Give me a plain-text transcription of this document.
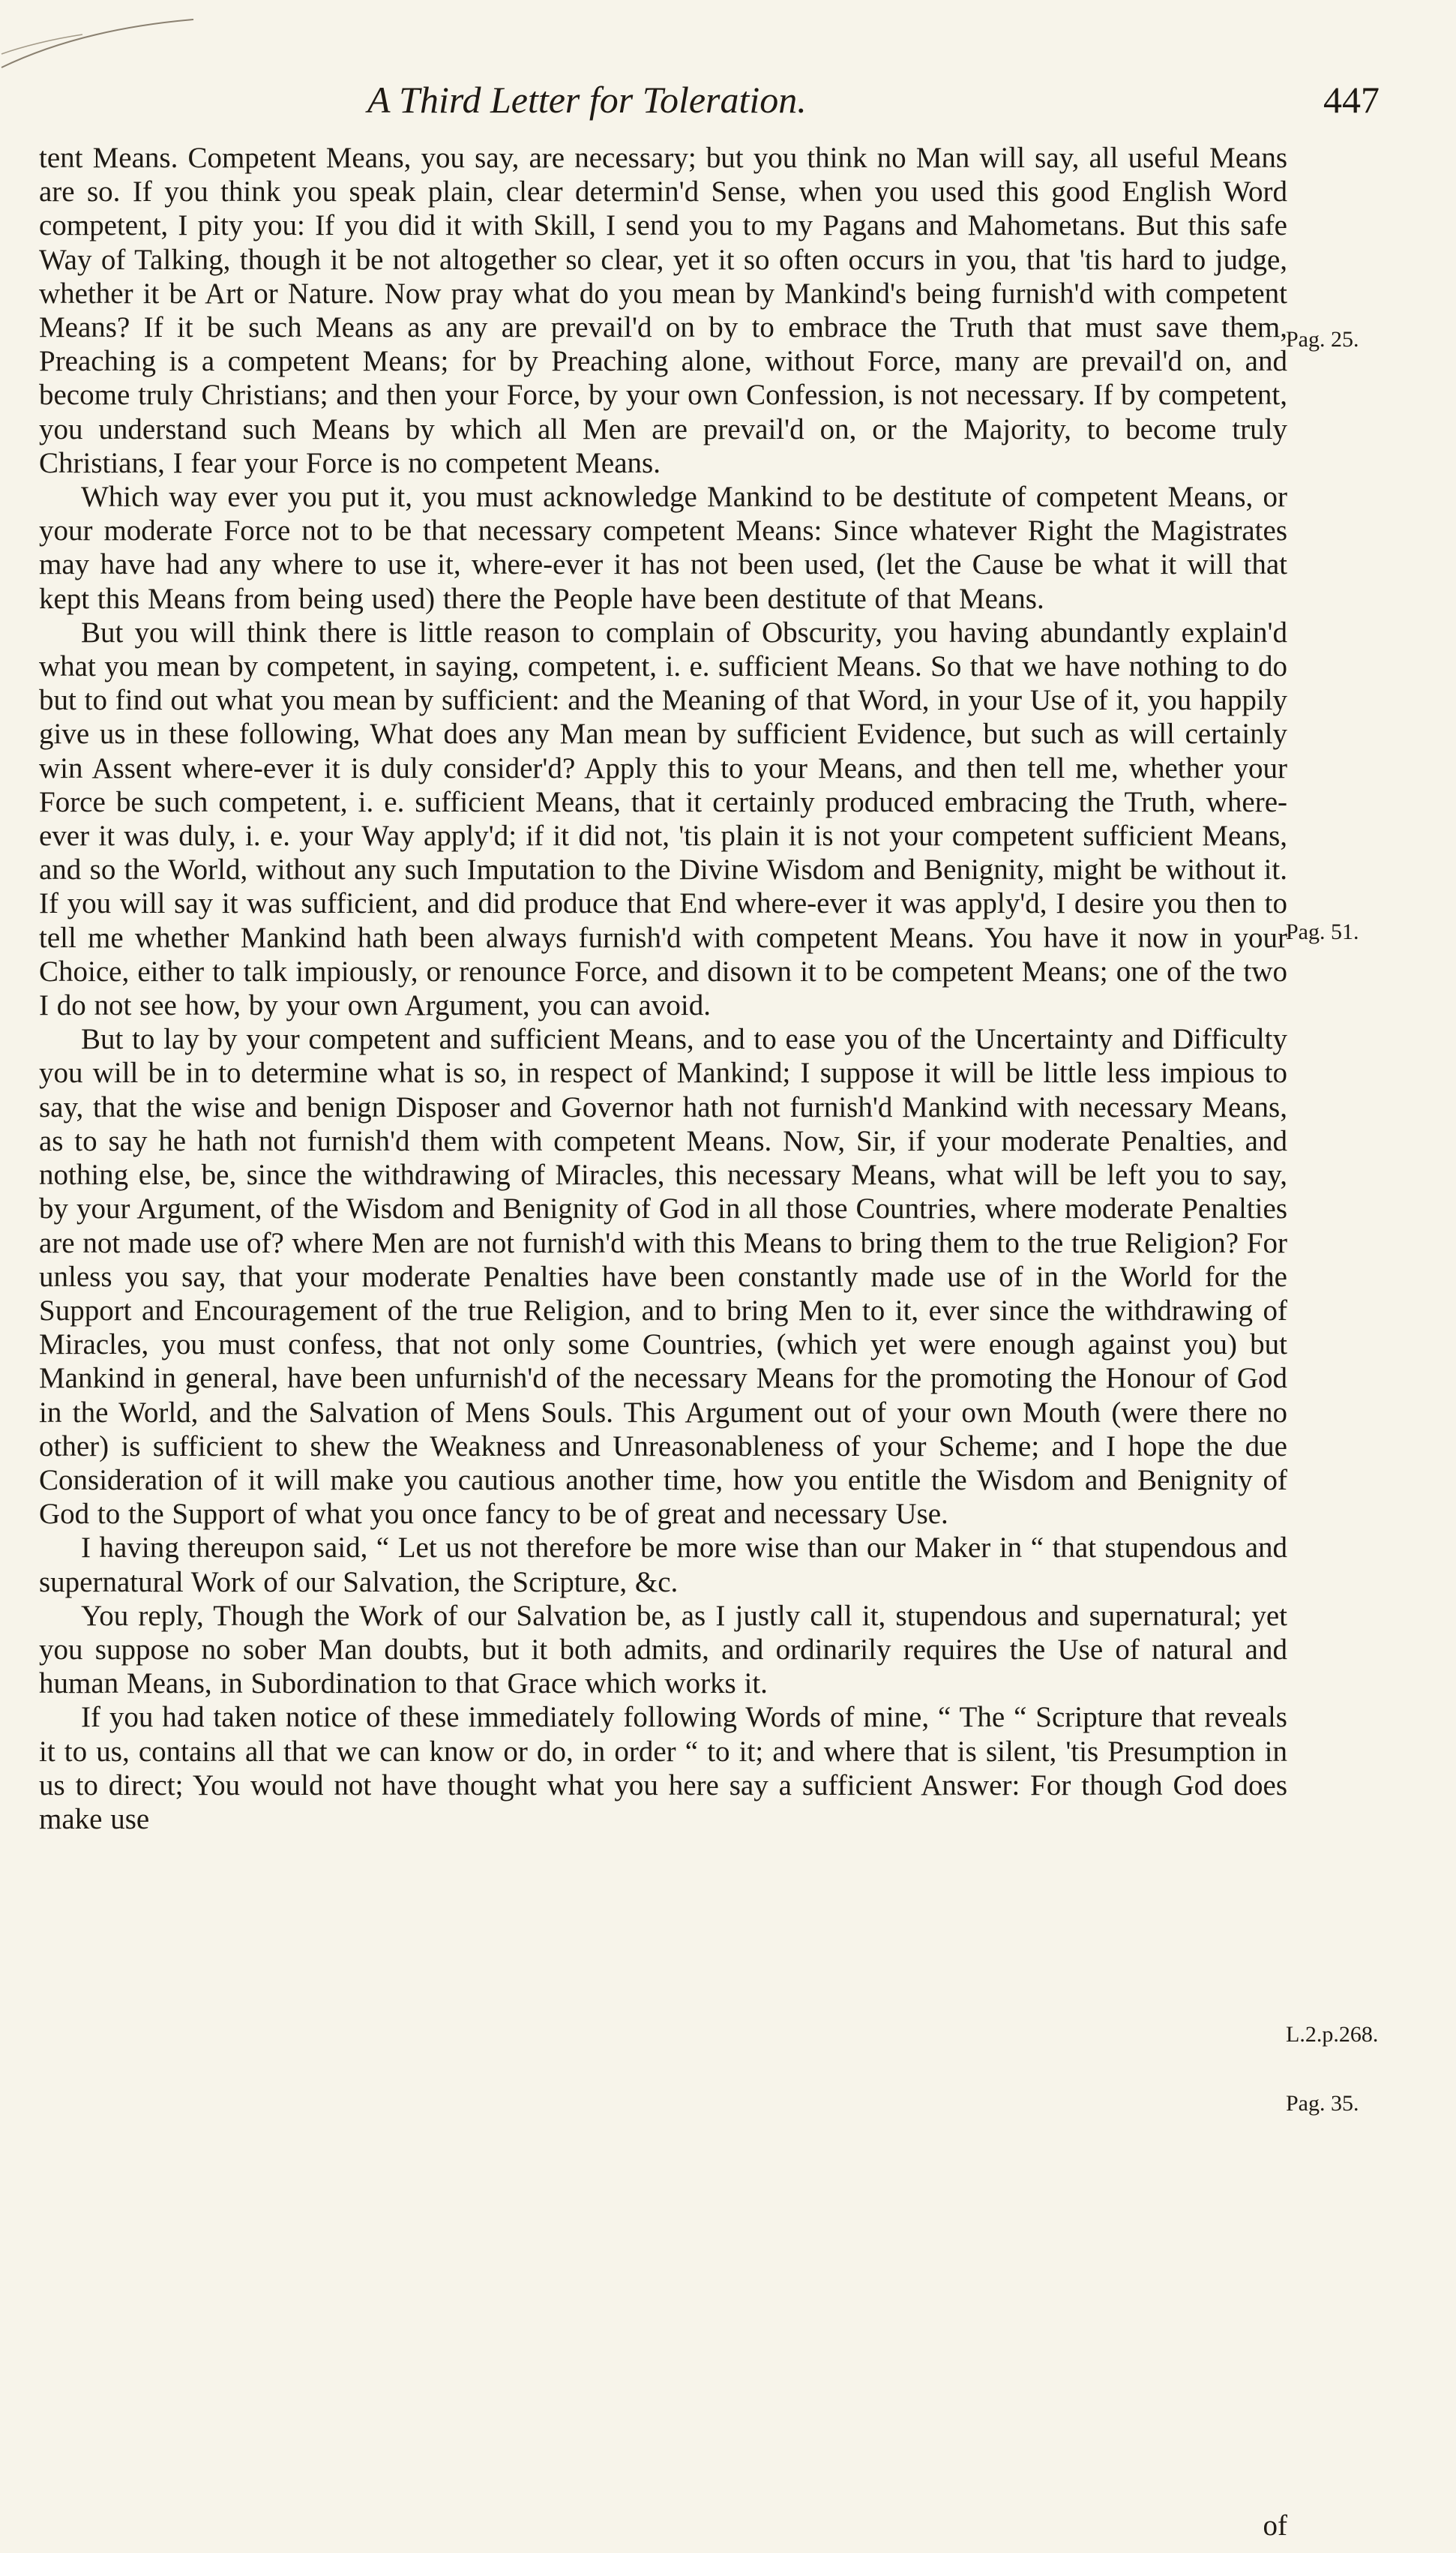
A Third Letter for Toleration.	447

tent Means. Competent Means, you say, are necessary; but you think no Man will say, all useful Means are so. If you think you speak plain, clear determin'd Sense, when you used this good English Word competent, I pity you: If you did it with Skill, I send you to my Pagans and Mahometans. But this safe Way of Talking, though it be not altogether so clear, yet it so often occurs in you, that 'tis hard to judge, whether it be Art or Nature. Now pray what do you mean by Mankind's being furnish'd with competent Means? If it be such Means as any are prevail'd on by to embrace the Truth that must save them, Preaching is a competent Means; for by Preaching alone, without Force, many are prevail'd on, and become truly Christians; and then your Force, by your own Confession, is not necessary. If by competent, you understand such Means by which all Men are prevail'd on, or the Majority, to become truly Christians, I fear your Force is no competent Means.

Which way ever you put it, you must acknowledge Mankind to be destitute of competent Means, or your moderate Force not to be that necessary competent Means: Since whatever Right the Magistrates may have had any where to use it, where-ever it has not been used, (let the Cause be what it will that kept this Means from being used) there the People have been destitute of that Means.

But you will think there is little reason to complain of Obscurity, you having abundantly explain'd what you mean by competent, in saying, competent, i. e. sufficient Means. So that we have nothing to do but to find out what you mean by sufficient: and the Meaning of that Word, in your Use of it, you happily give us in these following, What does any Man mean by sufficient Evidence, but such as will certainly win Assent where-ever it is duly consider'd? Apply this to your Means, and then tell me, whether your Force be such competent, i. e. sufficient Means, that it certainly produced embracing the Truth, where-ever it was duly, i. e. your Way apply'd; if it did not, 'tis plain it is not your competent sufficient Means, and so the World, without any such Imputation to the Divine Wisdom and Benignity, might be without it. If you will say it was sufficient, and did produce that End where-ever it was apply'd, I desire you then to tell me whether Mankind hath been always furnish'd with competent Means. You have it now in your Choice, either to talk impiously, or renounce Force, and disown it to be competent Means; one of the two I do not see how, by your own Argument, you can avoid.

But to lay by your competent and sufficient Means, and to ease you of the Uncertainty and Difficulty you will be in to determine what is so, in respect of Mankind; I suppose it will be little less impious to say, that the wise and benign Disposer and Governor hath not furnish'd Mankind with necessary Means, as to say he hath not furnish'd them with competent Means. Now, Sir, if your moderate Penalties, and nothing else, be, since the withdrawing of Miracles, this necessary Means, what will be left you to say, by your Argument, of the Wisdom and Benignity of God in all those Countries, where moderate Penalties are not made use of? where Men are not furnish'd with this Means to bring them to the true Religion? For unless you say, that your moderate Penalties have been constantly made use of in the World for the Support and Encouragement of the true Religion, and to bring Men to it, ever since the withdrawing of Miracles, you must confess, that not only some Countries, (which yet were enough against you) but Mankind in general, have been unfurnish'd of the necessary Means for the promoting the Honour of God in the World, and the Salvation of Mens Souls. This Argument out of your own Mouth (were there no other) is sufficient to shew the Weakness and Unreasonableness of your Scheme; and I hope the due Consideration of it will make you cautious another time, how you entitle the Wisdom and Benignity of God to the Support of what you once fancy to be of great and necessary Use.

I having thereupon said, “ Let us not therefore be more wise than our Maker in “ that stupendous and supernatural Work of our Salvation, the Scripture, &c.

You reply, Though the Work of our Salvation be, as I justly call it, stupendous and supernatural; yet you suppose no sober Man doubts, but it both admits, and ordinarily requires the Use of natural and human Means, in Subordination to that Grace which works it.

If you had taken notice of these immediately following Words of mine, “ The “ Scripture that reveals it to us, contains all that we can know or do, in order “ to it; and where that is silent, 'tis Presumption in us to direct; You would not have thought what you here say a sufficient Answer: For though God does make use

Pag. 25.
Pag. 51.
L.2.p.268.
Pag. 35.
of
